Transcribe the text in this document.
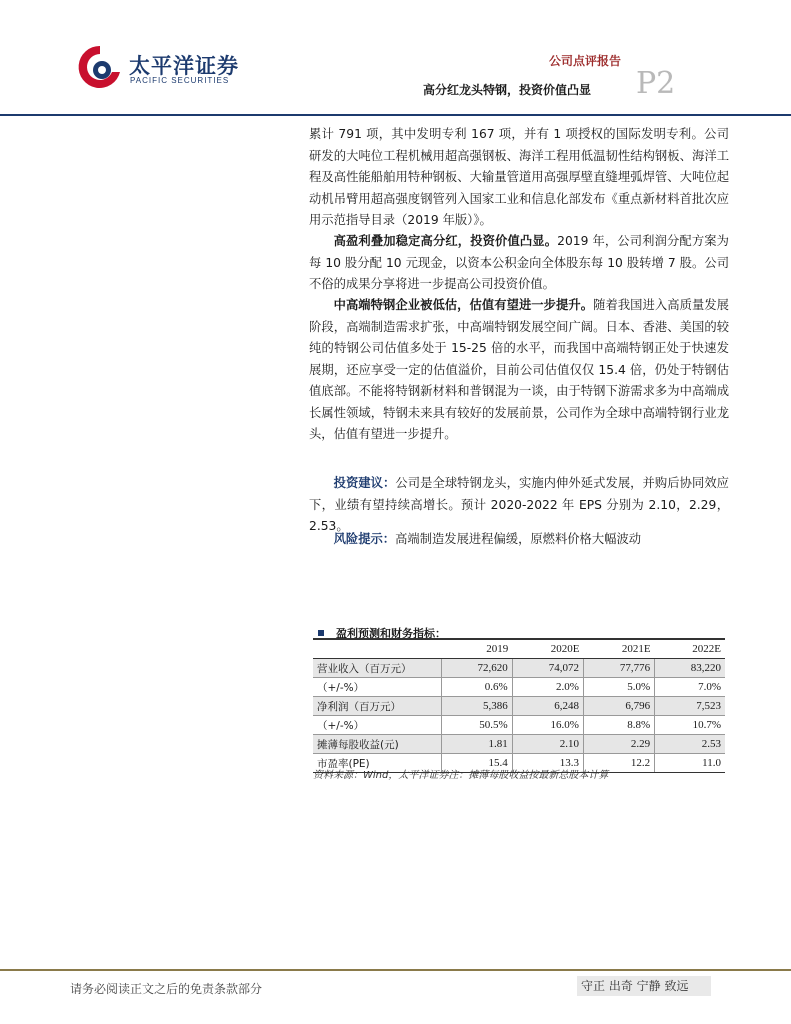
太平洋证券
PACIFIC SECURITIES
公司点评报告
高分红龙头特钢，投资价值凸显 P2
累计 791 项，其中发明专利 167 项，并有 1 项授权的国际发明专利。公司研发的大吨位工程机械用超高强钢板、海洋工程用低温韧性结构钢板、海洋工程及高性能船舶用特种钢板、大输量管道用高强厚壁直缝埋弧焊管、大吨位起动机吊臂用超高强度钢管列入国家工业和信息化部发布《重点新材料首批次应用示范指导目录（2019 年版）》。
高盈利叠加稳定高分红，投资价值凸显。2019 年，公司利润分配方案为每 10 股分配 10 元现金，以资本公积金向全体股东每 10 股转增 7 股。公司不俗的成果分享将进一步提高公司投资价值。
中高端特钢企业被低估，估值有望进一步提升。随着我国进入高质量发展阶段，高端制造需求扩张，中高端特钢发展空间广阔。日本、香港、美国的较纯的特钢公司估值多处于 15-25 倍的水平，而我国中高端特钢正处于快速发展期，还应享受一定的估值溢价，目前公司估值仅仅 15.4 倍，仍处于特钢估值底部。不能将特钢新材料和普钢混为一谈，由于特钢下游需求多为中高端成长属性领域，特钢未来具有较好的发展前景，公司作为全球中高端特钢行业龙头，估值有望进一步提升。
投资建议：公司是全球特钢龙头，实施内伸外延式发展，并购后协同效应下，业绩有望持续高增长。预计 2020-2022 年 EPS 分别为 2.10，2.29，2.53。
风险提示：高端制造发展进程偏缓，原燃料价格大幅波动
盈利预测和财务指标：
	2019	2020E	2021E	2022E
营业收入（百万元）	72,620	74,072	77,776	83,220
（+/-%）	0.6%	2.0%	5.0%	7.0%
净利润（百万元）	5,386	6,248	6,796	7,523
（+/-%）	50.5%	16.0%	8.8%	10.7%
摊薄每股收益(元)	1.81	2.10	2.29	2.53
市盈率(PE)	15.4	13.3	12.2	11.0
资料来源：Wind，太平洋证券注：摊薄每股收益按最新总股本计算
请务必阅读正文之后的免责条款部分	守正 出奇 宁静 致远
